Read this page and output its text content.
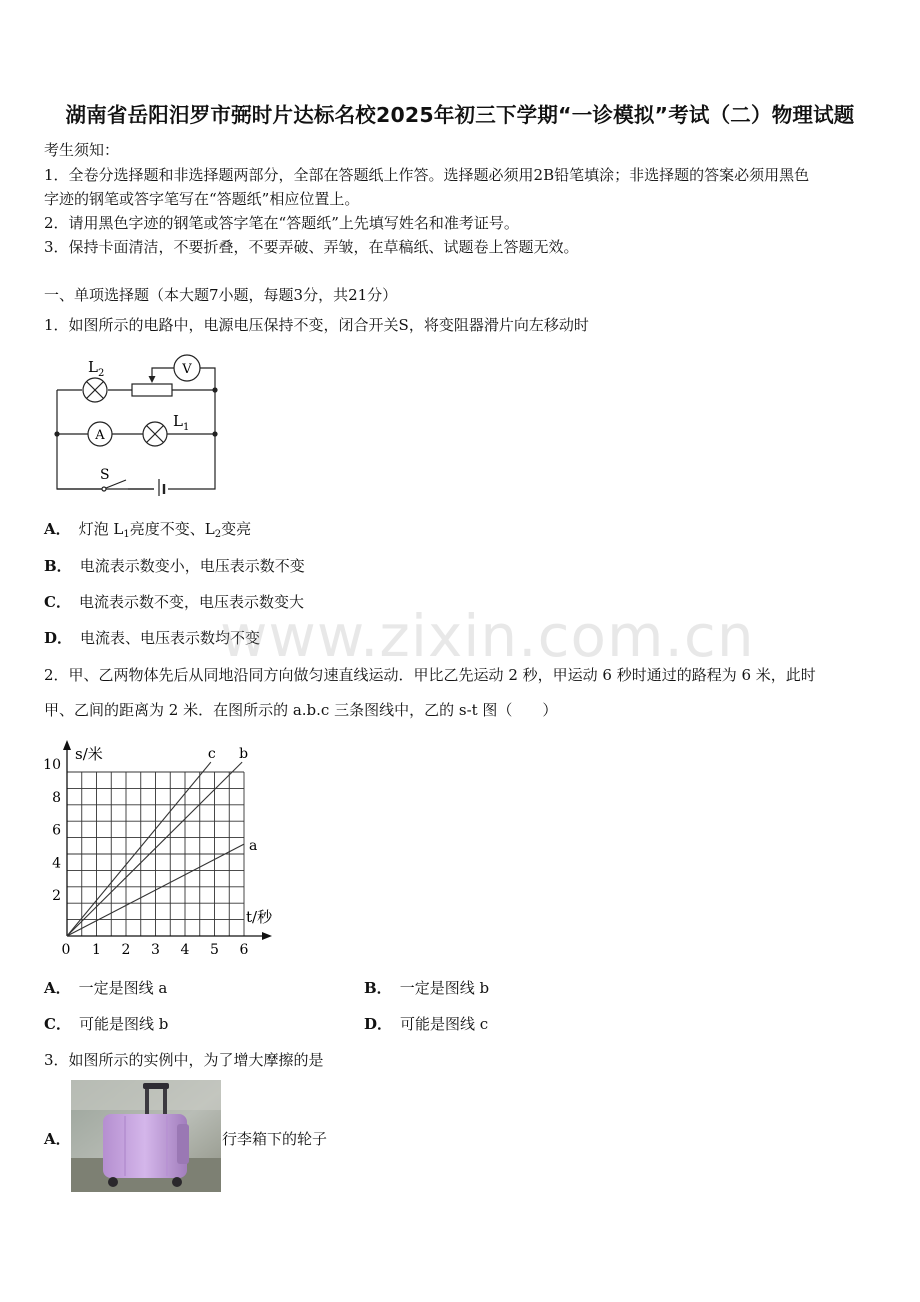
湖南省岳阳汨罗市弼时片达标名校2025年初三下学期“一诊模拟”考试（二）物理试题
考生须知：
1．全卷分选择题和非选择题两部分，全部在答题纸上作答。选择题必须用2B铅笔填涂；非选择题的答案必须用黑色
字迹的钢笔或答字笔写在“答题纸”相应位置上。
2．请用黑色字迹的钢笔或答字笔在“答题纸”上先填写姓名和准考证号。
3．保持卡面清洁，不要折叠，不要弄破、弄皱，在草稿纸、试题卷上答题无效。
一、单项选择题（本大题7小题，每题3分，共21分）
1．如图所示的电路中，电源电压保持不变，闭合开关S，将变阻器滑片向左移动时
$L_2$	V
A
$L_1$
S
A． 灯泡 $L_1$亮度不变、$L_2$变亮
B． 电流表示数变小，电压表示数不变
C． 电流表示数不变，电压表示数变大
D． 电流表、电压表示数均不变
www.zixin.com.cn
2．甲、乙两物体先后从同地沿同方向做匀速直线运动．甲比乙先运动 2 秒，甲运动 6 秒时通过的路程为 6 米，此时
甲、乙间的距离为 2 米．在图所示的 a.b.c 三条图线中，乙的 s-t 图（　　）
0 1 2 3 4 5 6
2
4
6
8
10
s/米
t/秒
a
b
c
A． 一定是图线 a	B． 一定是图线 b
C． 可能是图线 b	D． 可能是图线 c
3．如图所示的实例中，为了增大摩擦的是
A．	行李箱下的轮子
